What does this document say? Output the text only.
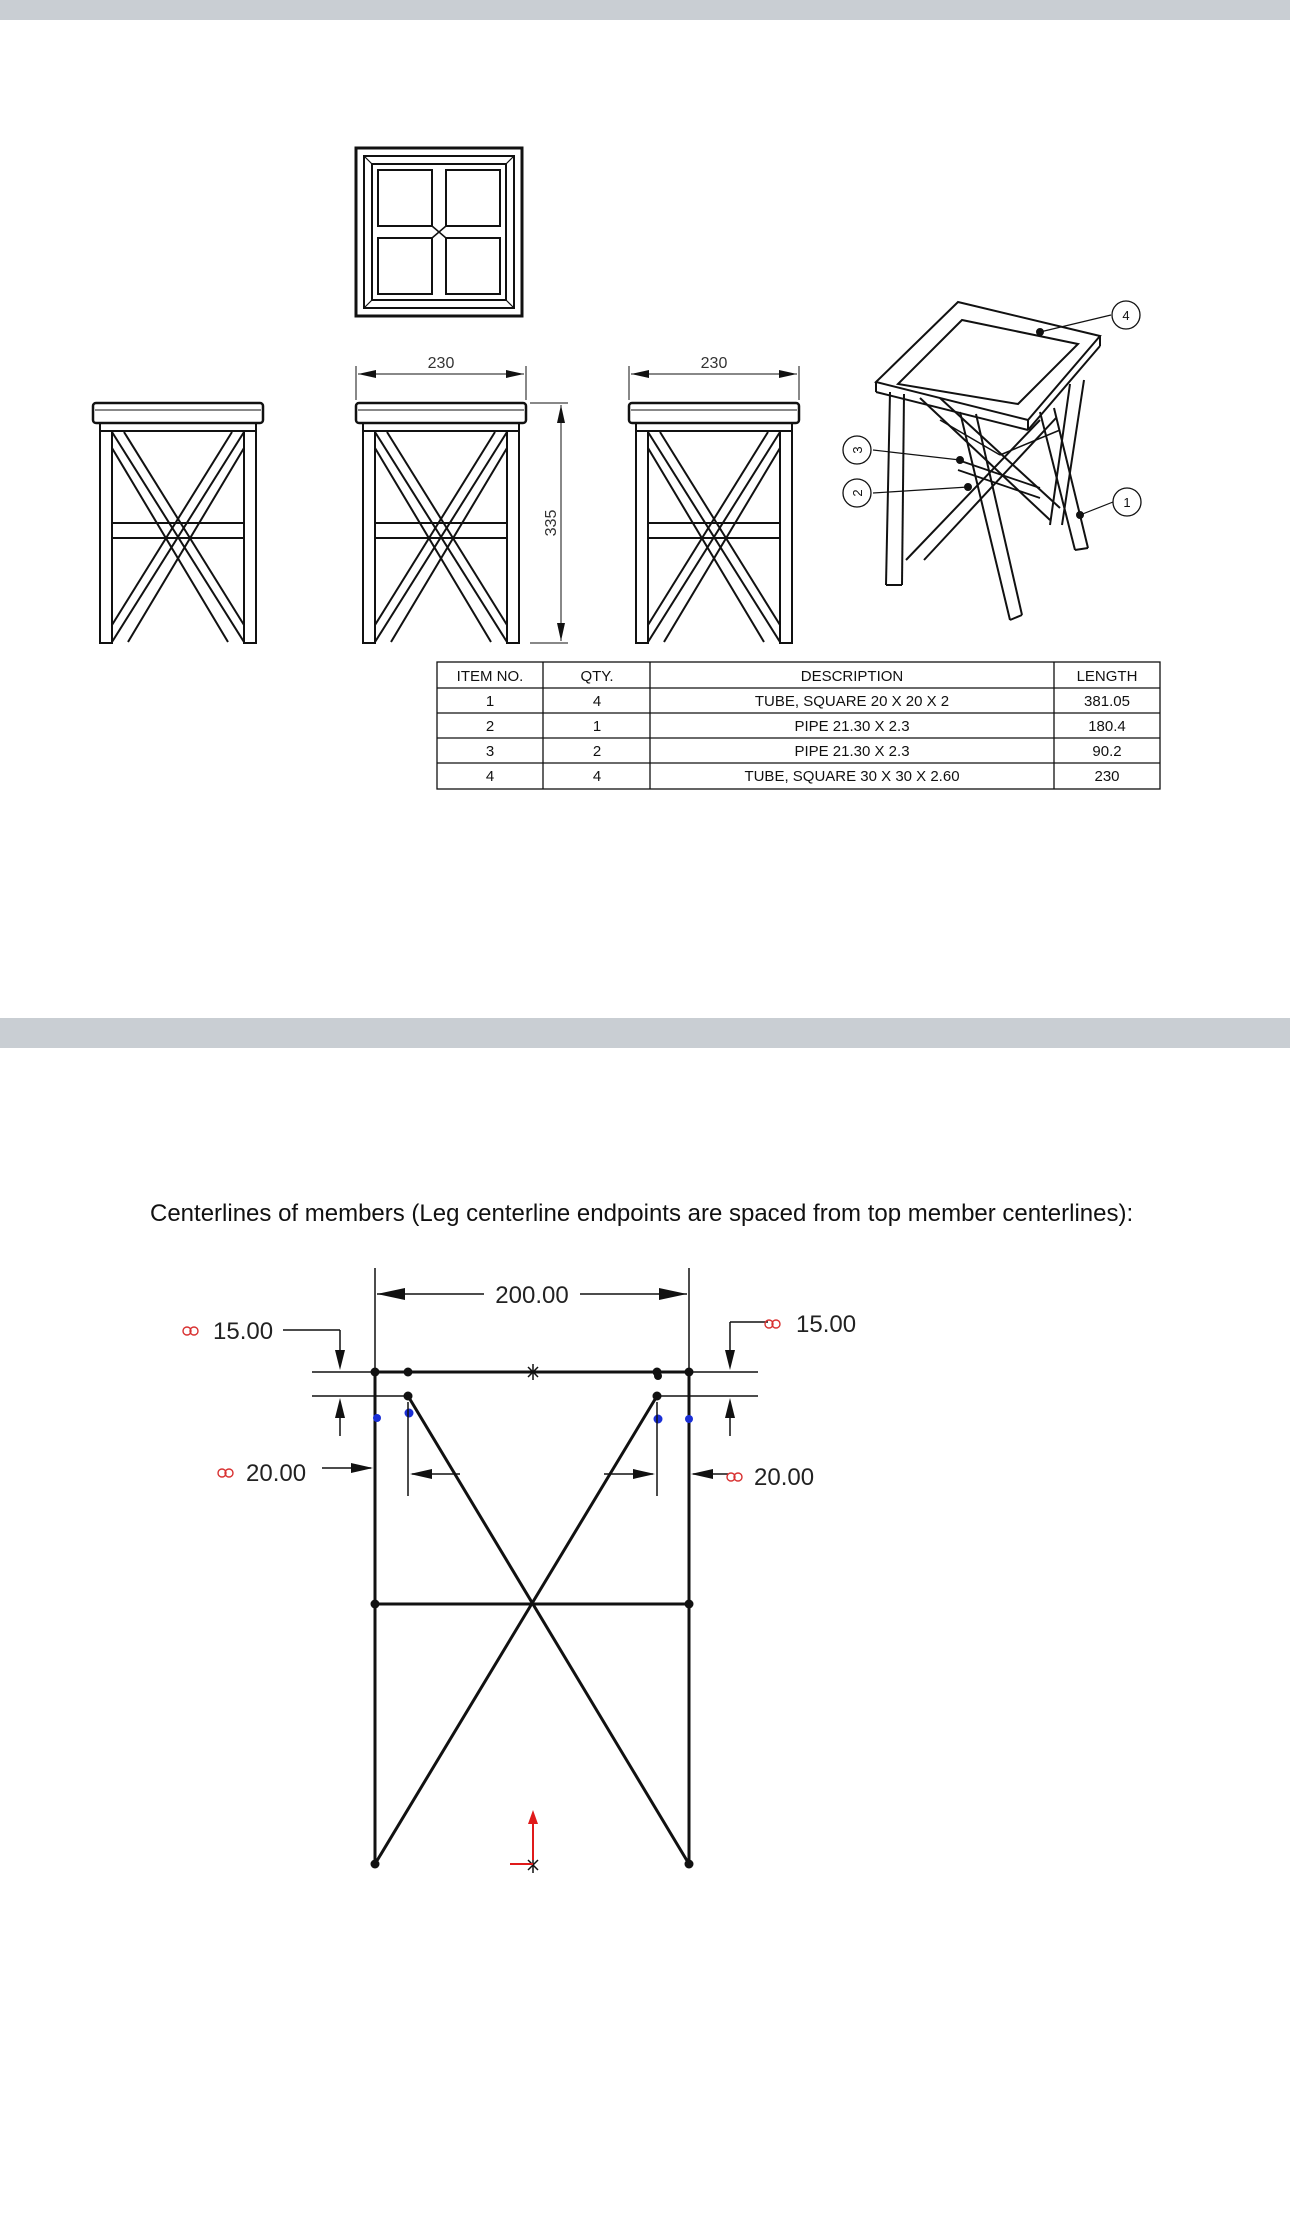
230	230
335
4
3
2
1
ITEM NO.	QTY.	DESCRIPTION	LENGTH
1	4	TUBE, SQUARE 20 X 20 X 2	381.05
2	1	PIPE 21.30 X 2.3	180.4
3	2	PIPE 21.30 X 2.3	90.2
4	4	TUBE, SQUARE 30 X 30 X 2.60	230
Centerlines of members (Leg centerline endpoints are spaced from top member centerlines):
200.00
15.00	15.00
20.00	20.00
